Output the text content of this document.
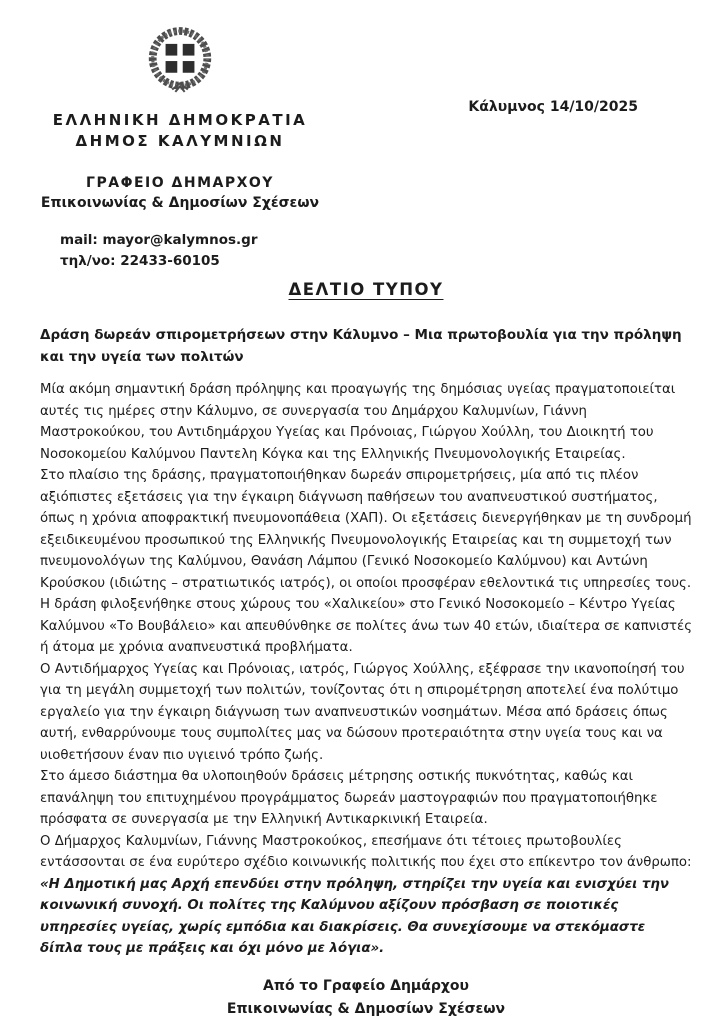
ΕΛΛΗΝΙΚΗ ΔΗΜΟΚΡΑΤΙΑ
ΔΗΜΟΣ ΚΑΛΥΜΝΙΩΝ
ΓΡΑΦΕΙΟ ΔΗΜΑΡΧΟΥ
Επικοινωνίας & Δημοσίων Σχέσεων
mail: mayor@kalymnos.gr
τηλ/νο: 22433-60105
Κάλυμνος 14/10/2025
ΔΕΛΤΙΟ ΤΥΠΟΥ
Δράση δωρεάν σπιρομετρήσεων στην Κάλυμνο – Μια πρωτοβουλία για την πρόληψη και την υγεία των πολιτών

Μία ακόμη σημαντική δράση πρόληψης και προαγωγής της δημόσιας υγείας πραγματοποιείται αυτές τις ημέρες στην Κάλυμνο, σε συνεργασία του Δημάρχου Καλυμνίων, Γιάννη Μαστροκούκου, του Αντιδημάρχου Υγείας και Πρόνοιας, Γιώργου Χούλλη, του Διοικητή του Νοσοκομείου Καλύμνου Παντελη Κόγκα και της Ελληνικής Πνευμονολογικής Εταιρείας.

Στο πλαίσιο της δράσης, πραγματοποιήθηκαν δωρεάν σπιρομετρήσεις, μία από τις πλέον αξιόπιστες εξετάσεις για την έγκαιρη διάγνωση παθήσεων του αναπνευστικού συστήματος, όπως η χρόνια αποφρακτική πνευμονοπάθεια (ΧΑΠ). Οι εξετάσεις διενεργήθηκαν με τη συνδρομή εξειδικευμένου προσωπικού της Ελληνικής Πνευμονολογικής Εταιρείας και τη συμμετοχή των πνευμονολόγων της Καλύμνου, Θανάση Λάμπου (Γενικό Νοσοκομείο Καλύμνου) και Αντώνη Κρούσκου (ιδιώτης – στρατιωτικός ιατρός), οι οποίοι προσφέραν εθελοντικά τις υπηρεσίες τους.

Η δράση φιλοξενήθηκε στους χώρους του «Χαλικείου» στο Γενικό Νοσοκομείο – Κέντρο Υγείας Καλύμνου «Το Βουβάλειο» και απευθύνθηκε σε πολίτες άνω των 40 ετών, ιδιαίτερα σε καπνιστές ή άτομα με χρόνια αναπνευστικά προβλήματα.

Ο Αντιδήμαρχος Υγείας και Πρόνοιας, ιατρός, Γιώργος Χούλλης, εξέφρασε την ικανοποίησή του για τη μεγάλη συμμετοχή των πολιτών, τονίζοντας ότι η σπιρομέτρηση αποτελεί ένα πολύτιμο εργαλείο για την έγκαιρη διάγνωση των αναπνευστικών νοσημάτων. Μέσα από δράσεις όπως αυτή, ενθαρρύνουμε τους συμπολίτες μας να δώσουν προτεραιότητα στην υγεία τους και να υιοθετήσουν έναν πιο υγιεινό τρόπο ζωής.

Στο άμεσο διάστημα θα υλοποιηθούν δράσεις μέτρησης οστικής πυκνότητας, καθώς και επανάληψη του επιτυχημένου προγράμματος δωρεάν μαστογραφιών που πραγματοποιήθηκε πρόσφατα σε συνεργασία με την Ελληνική Αντικαρκινική Εταιρεία.

Ο Δήμαρχος Καλυμνίων, Γιάννης Μαστροκούκος, επεσήμανε ότι τέτοιες πρωτοβουλίες εντάσσονται σε ένα ευρύτερο σχέδιο κοινωνικής πολιτικής που έχει στο επίκεντρο τον άνθρωπο:

«Η Δημοτική μας Αρχή επενδύει στην πρόληψη, στηρίζει την υγεία και ενισχύει την κοινωνική συνοχή. Οι πολίτες της Καλύμνου αξίζουν πρόσβαση σε ποιοτικές υπηρεσίες υγείας, χωρίς εμπόδια και διακρίσεις. Θα συνεχίσουμε να στεκόμαστε δίπλα τους με πράξεις και όχι μόνο με λόγια».

Από το Γραφείο Δημάρχου
Επικοινωνίας & Δημοσίων Σχέσεων
